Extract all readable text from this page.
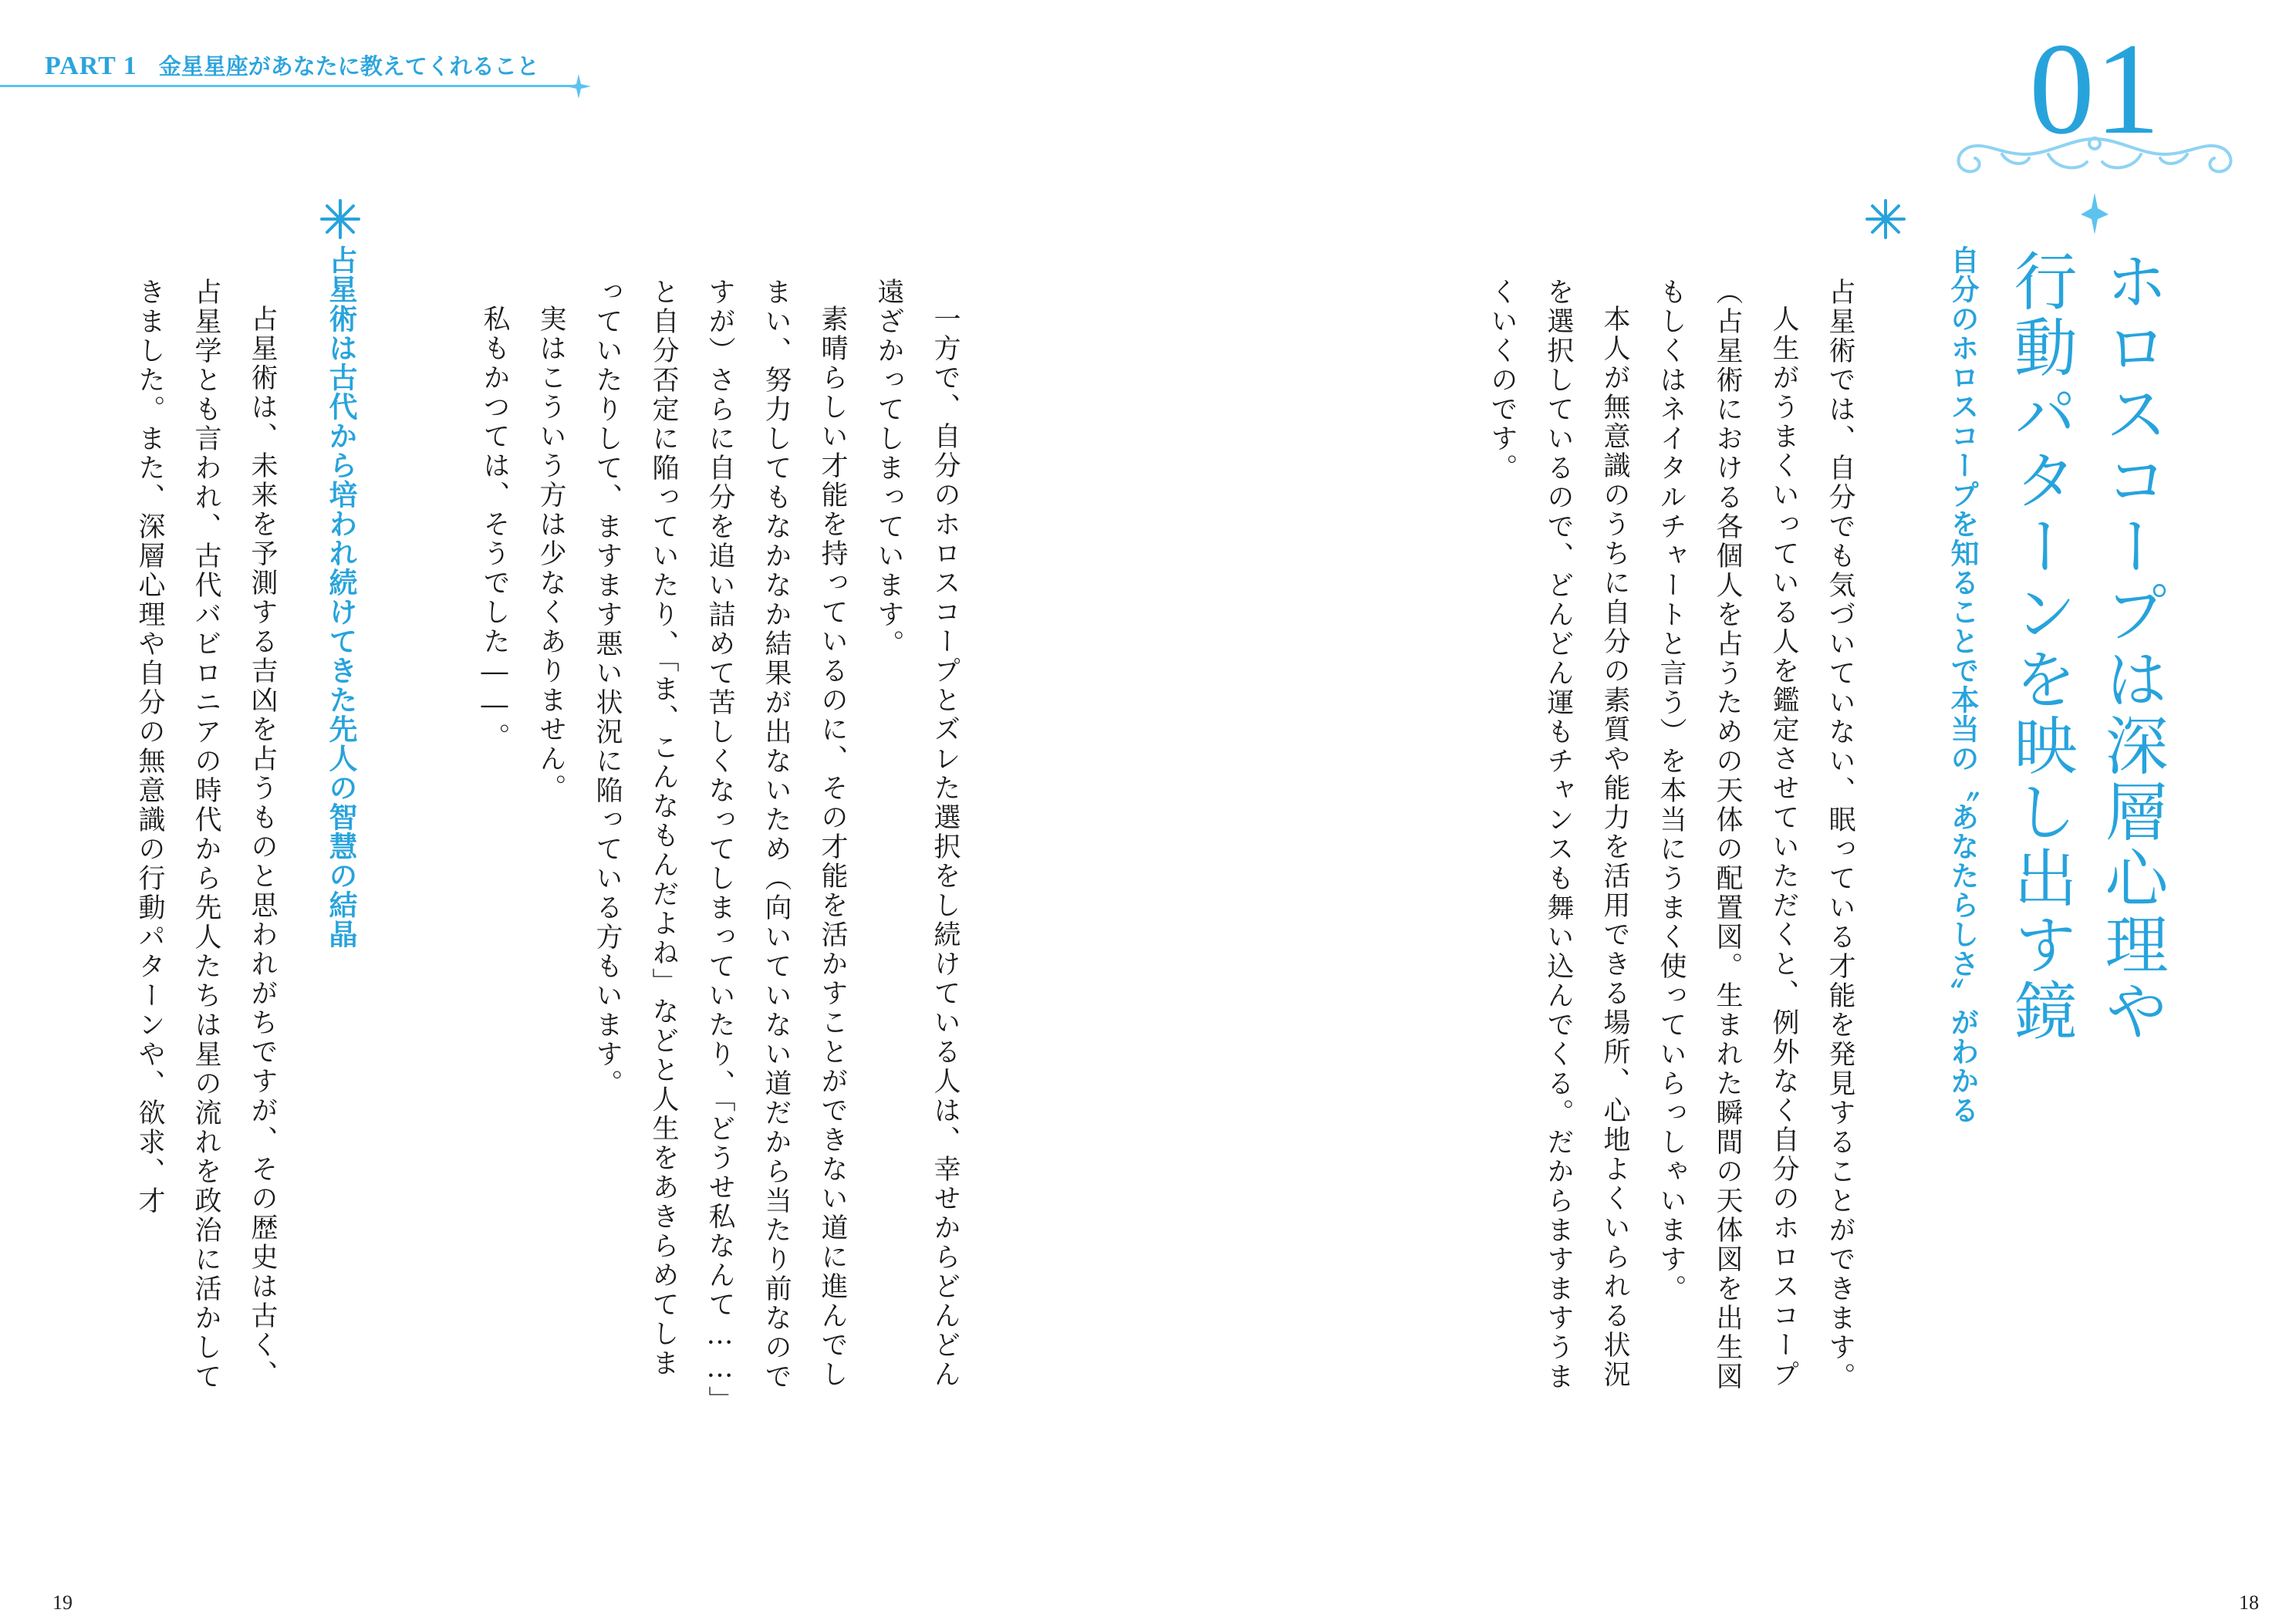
PART 1 金星星座があなたに教えてくれること	01
ホロスコープは深層心理や
行動パターンを映し出す鏡
自分のホロスコープを知ることで本当の〝あなたらしさ〟がわかる

占星術では、自分でも気づいていない、眠っている才能を発見することができます。

人生がうまくいっている人を鑑定させていただくと、例外なく自分のホロスコープ（占星術における各個人を占うための天体の配置図。生まれた瞬間の天体図を出生図もしくはネイタルチャートと言う）を本当にうまく使っていらっしゃいます。

本人が無意識のうちに自分の素質や能力を活用できる場所、心地よくいられる状況を選択しているので、どんどん運もチャンスも舞い込んでくる。だからますますうまくいくのです。

一方で、自分のホロスコープとズレた選択をし続けている人は、幸せからどんどん遠ざかってしまっています。

素晴らしい才能を持っているのに、その才能を活かすことができない道に進んでしまい、努力してもなかなか結果が出ないため（向いていない道だから当たり前なのですが）さらに自分を追い詰めて苦しくなってしまっていたり、「どうせ私なんて……」と自分否定に陥っていたり、「ま、こんなもんだよね」などと人生をあきらめてしまっていたりして、ますます悪い状況に陥っている方もいます。

実はこういう方は少なくありません。

私もかつては、そうでした――。

占星術は古代から培われ続けてきた先人の智慧の結晶

占星術は、未来を予測する吉凶を占うものと思われがちですが、その歴史は古く、占星学とも言われ、古代バビロニアの時代から先人たちは星の流れを政治に活かしてきました。また、深層心理や自分の無意識の行動パターンや、欲求、才

19	18
